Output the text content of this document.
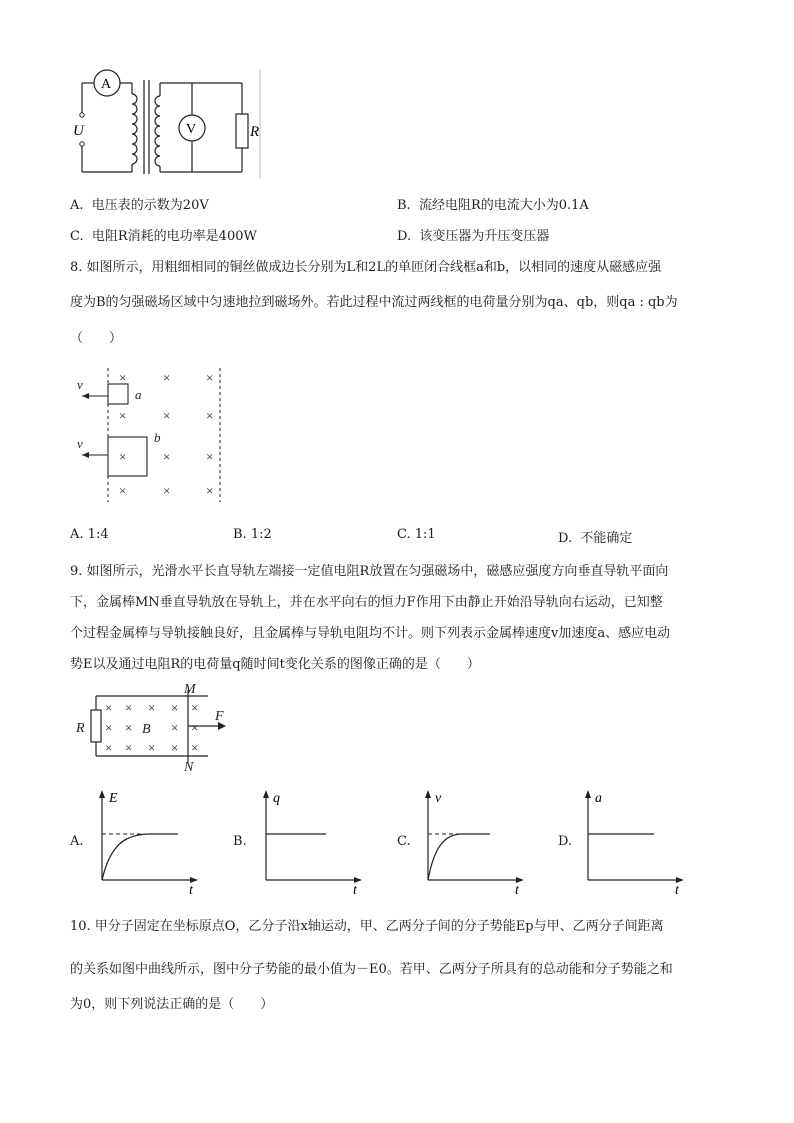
A
V
U	R
A. 电压表的示数为20V	B. 流经电阻R的电流大小为0.1A
C. 电阻R消耗的电功率是400W	D. 该变压器为升压变压器
8. 如图所示，用粗细相同的铜丝做成边长分别为L和2L的单匝闭合线框a和b，以相同的速度从磁感应强
度为B的匀强磁场区域中匀速地拉到磁场外。若此过程中流过两线框的电荷量分别为qa、qb，则qa : qb为
（　　）
×	×	×
×	×	×
×	×	×
×	×	×
v
v
a
b
A. 1:4	B. 1:2	C. 1:1	D. 不能确定
9. 如图所示，光滑水平长直导轨左端接一定值电阻R放置在匀强磁场中，磁感应强度方向垂直导轨平面向
下，金属棒MN垂直导轨放在导轨上，并在水平向右的恒力F作用下由静止开始沿导轨向右运动，已知整
个过程金属棒与导轨接触良好，且金属棒与导轨电阻均不计。则下列表示金属棒速度v加速度a、感应电动
势E以及通过电阻R的电荷量q随时间t变化关系的图像正确的是（　　）
× × × × ×
× ×	× ×
× × × × ×
M
N
R	B
F
A.
E
t
B.
q
t
C.
v
t
D.
a
t
10. 甲分子固定在坐标原点O，乙分子沿x轴运动，甲、乙两分子间的分子势能Ep与甲、乙两分子间距离
的关系如图中曲线所示，图中分子势能的最小值为－E0。若甲、乙两分子所具有的总动能和分子势能之和
为0，则下列说法正确的是（　　）
